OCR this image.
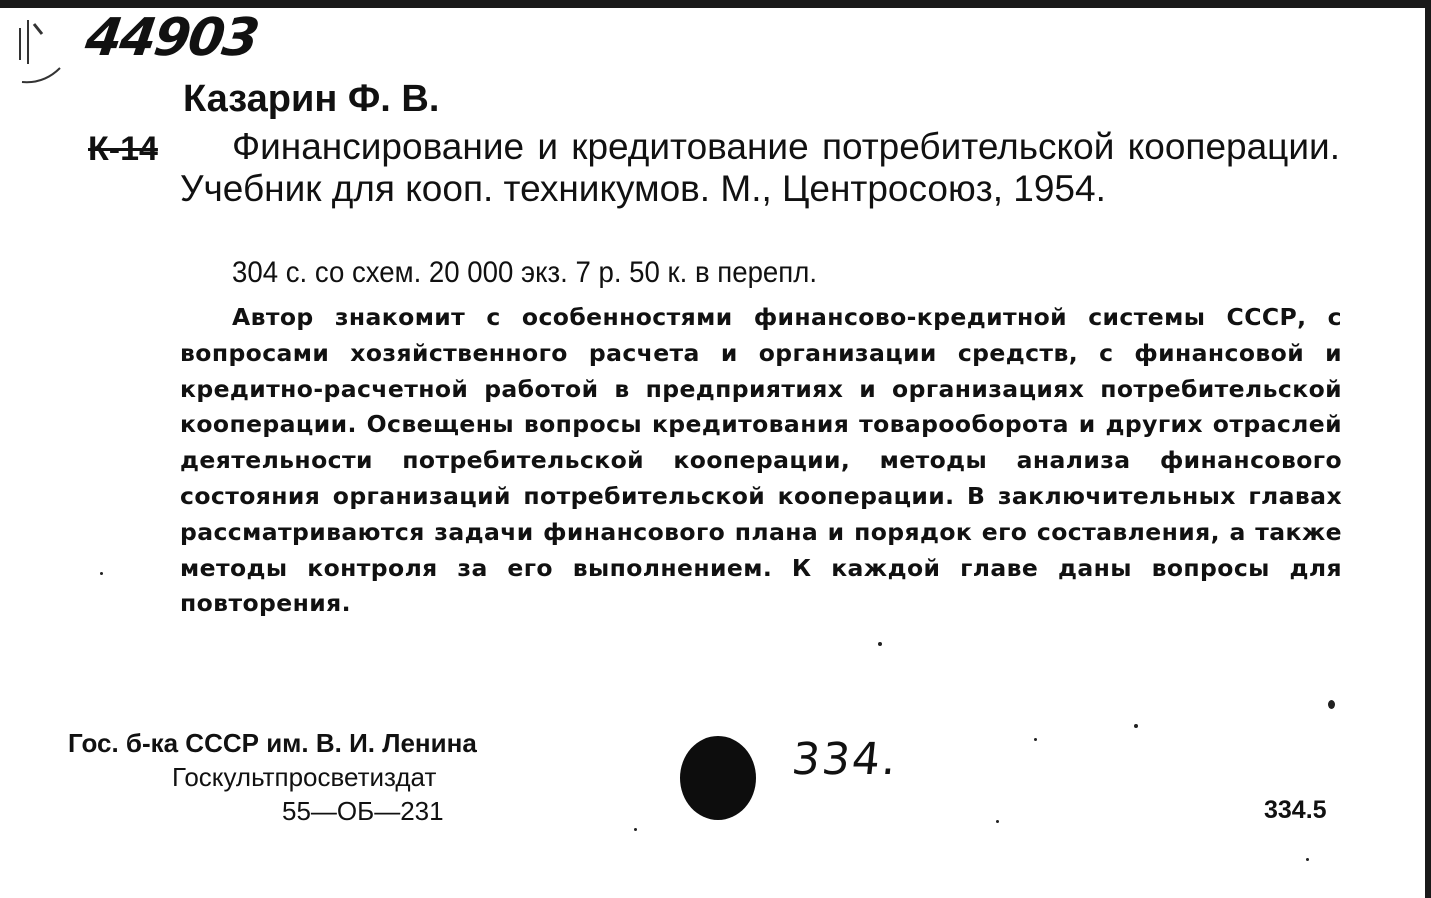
44903
Казарин Ф. В.
К-14	Финансирование и кредитование потребительской кооперации. Учебник для кооп. техникумов. М., Центросоюз, 1954.
304 с. со схем. 20 000 экз. 7 р. 50 к. в перепл.
Автор знакомит с особенностями финансово-кредитной системы СССР, с вопросами хозяйственного расчета и организации средств, с финансовой и кредитно-расчетной работой в предприятиях и организациях потребительской кооперации. Освещены вопросы кредитования товарооборота и других отраслей деятельности потребительской кооперации, методы анализа финансового состояния организаций потребительской кооперации. В заключительных главах рассматриваются задачи финансового плана и порядок его составления, а также методы контроля за его выполнением. К каждой главе даны вопросы для повторения.
Гос. б-ка СССР им. В. И. Ленина
Госкультпросветиздат
55—ОБ—231
334.
334.5
